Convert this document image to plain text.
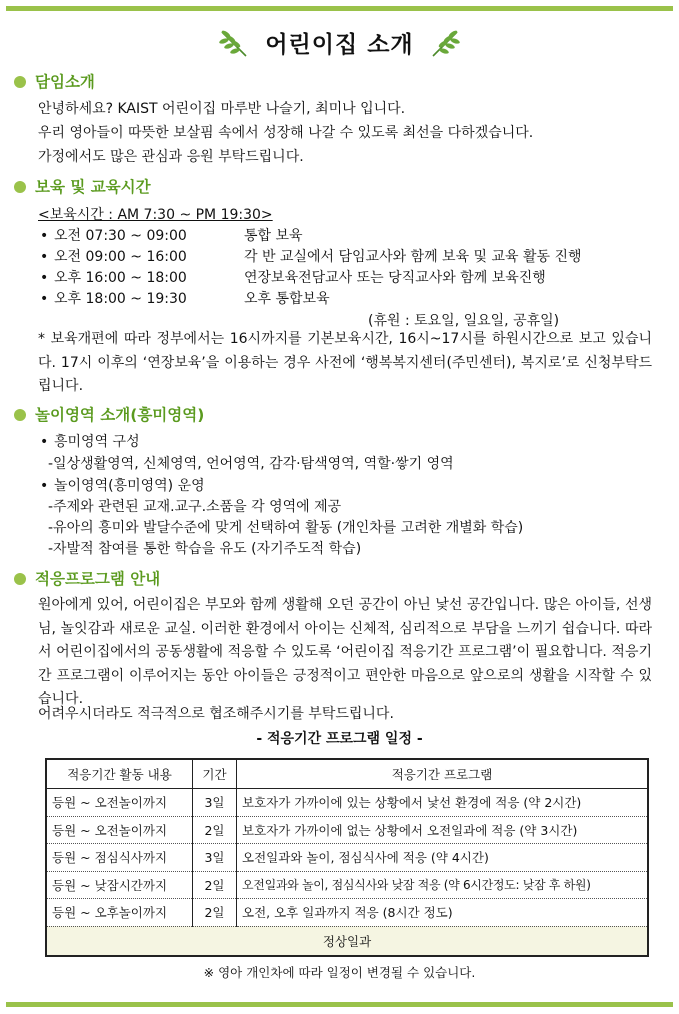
어린이집 소개
담임소개
안녕하세요? KAIST 어린이집 마루반 나슬기, 최미나 입니다.
우리 영아들이 따뜻한 보살핌 속에서 성장해 나갈 수 있도록 최선을 다하겠습니다.
가정에서도 많은 관심과 응원 부탁드립니다.
보육 및 교육시간
<보육시간 : AM 7:30 ~ PM 19:30>
• 오전 07:30 ~ 09:00	통합 보육
• 오전 09:00 ~ 16:00	각 반 교실에서 담임교사와 함께 보육 및 교육 활동 진행
• 오후 16:00 ~ 18:00	연장보육전담교사 또는 당직교사와 함께 보육진행
• 오후 18:00 ~ 19:30	오후 통합보육
(휴원 : 토요일, 일요일, 공휴일)
* 보육개편에 따라 정부에서는 16시까지를 기본보육시간, 16시~17시를 하원시간으로 보고 있습니다. 17시 이후의 ‘연장보육’을 이용하는 경우 사전에 ‘행복복지센터(주민센터), 복지로’로 신청부탁드립니다.
놀이영역 소개(흥미영역)
• 흥미영역 구성
-일상생활영역, 신체영역, 언어영역, 감각·탐색영역, 역할·쌓기 영역
• 놀이영역(흥미영역) 운영
-주제와 관련된 교재.교구.소품을 각 영역에 제공
-유아의 흥미와 발달수준에 맞게 선택하여 활동 (개인차를 고려한 개별화 학습)
-자발적 참여를 통한 학습을 유도 (자기주도적 학습)
적응프로그램 안내
원아에게 있어, 어린이집은 부모와 함께 생활해 오던 공간이 아닌 낯선 공간입니다. 많은 아이들, 선생님, 놀잇감과 새로운 교실. 이러한 환경에서 아이는 신체적, 심리적으로 부담을 느끼기 쉽습니다. 따라서 어린이집에서의 공동생활에 적응할 수 있도록 ‘어린이집 적응기간 프로그램’이 필요합니다. 적응기간 프로그램이 이루어지는 동안 아이들은 긍정적이고 편안한 마음으로 앞으로의 생활을 시작할 수 있습니다.
어려우시더라도 적극적으로 협조해주시기를 부탁드립니다.
- 적응기간 프로그램 일정 -
적응기간 활동 내용	기간	적응기간 프로그램
등원 ~ 오전놀이까지	3일	보호자가 가까이에 있는 상황에서 낯선 환경에 적응 (약 2시간)
등원 ~ 오전놀이까지	2일	보호자가 가까이에 없는 상황에서 오전일과에 적응 (약 3시간)
등원 ~ 점심식사까지	3일	오전일과와 놀이, 점심식사에 적응 (약 4시간)
등원 ~ 낮잠시간까지	2일	오전일과와 놀이, 점심식사와 낮잠 적응 (약 6시간정도: 낮잠 후 하원)
등원 ~ 오후놀이까지	2일	오전, 오후 일과까지 적응 (8시간 정도)
정상일과		
※ 영아 개인차에 따라 일정이 변경될 수 있습니다.
